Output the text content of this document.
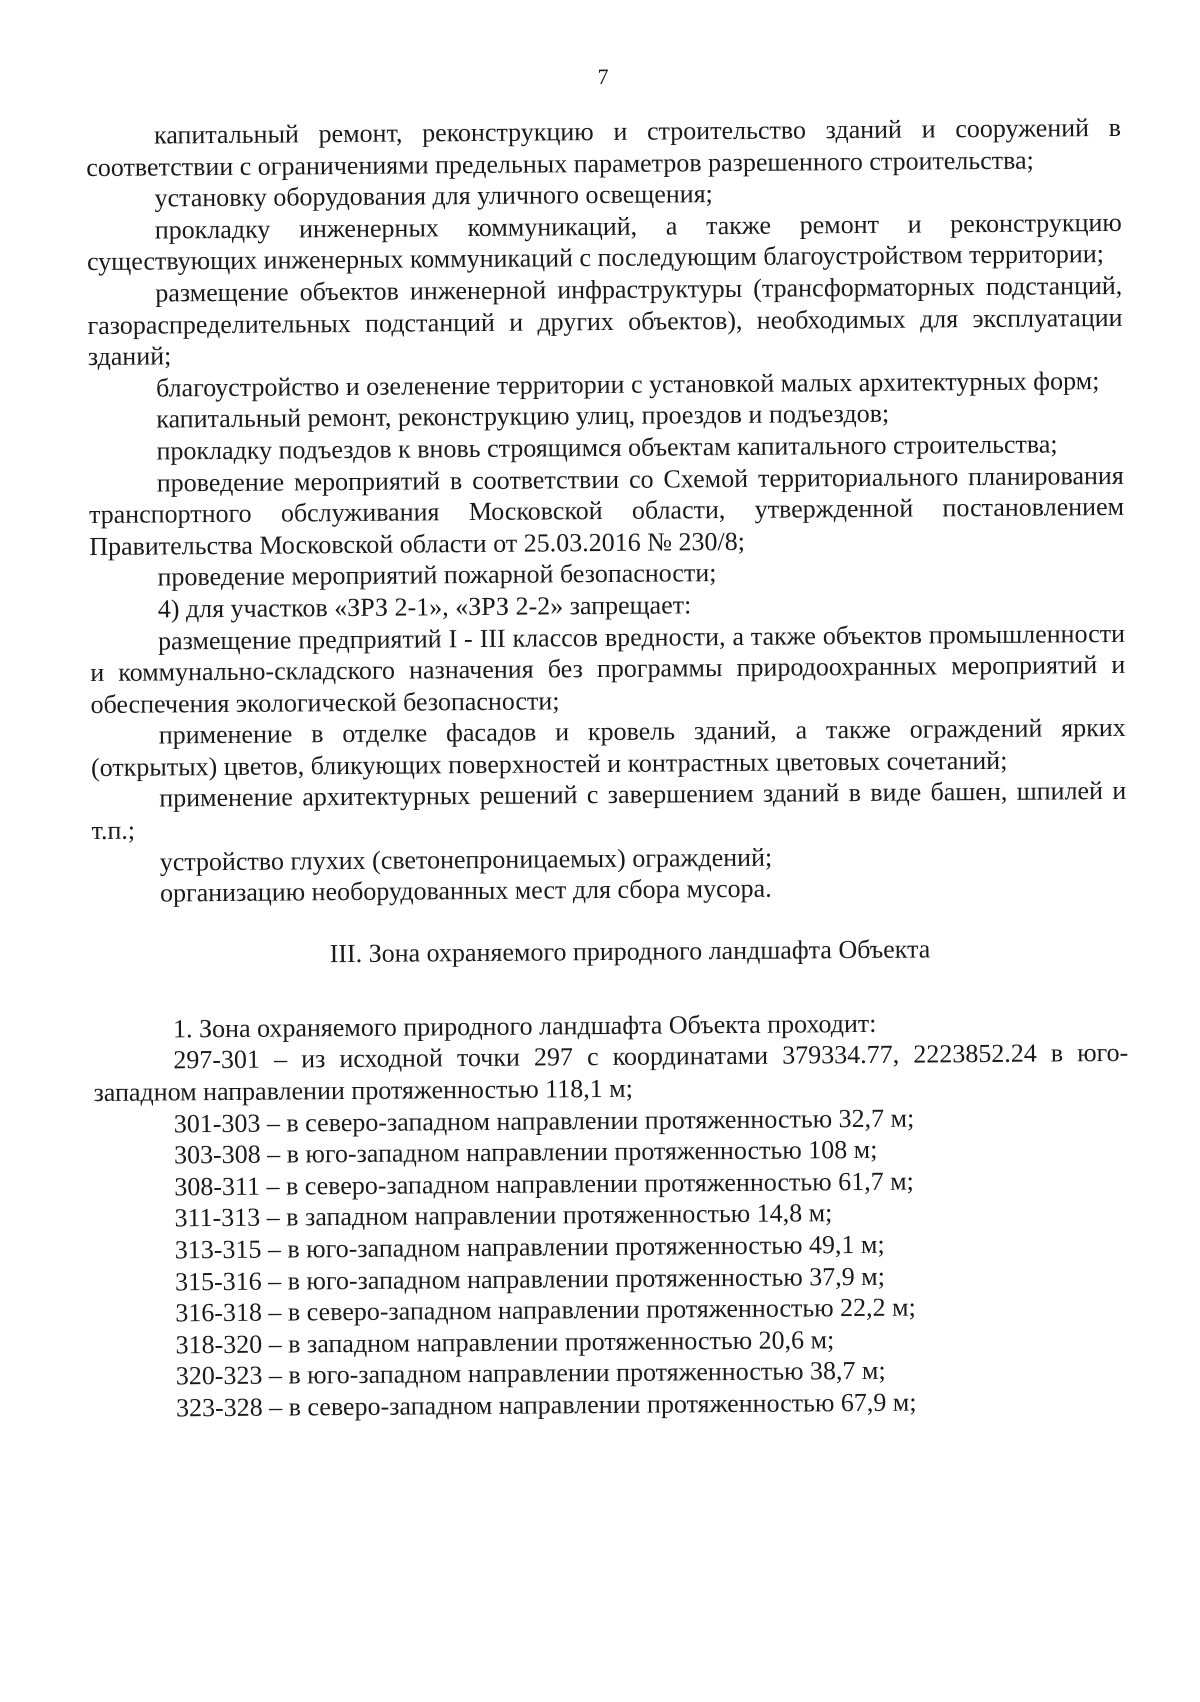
7

капитальный ремонт, реконструкцию и строительство зданий и сооружений в соответствии с ограничениями предельных параметров разрешенного строительства;

установку оборудования для уличного освещения;

прокладку инженерных коммуникаций, а также ремонт и реконструкцию существующих инженерных коммуникаций с последующим благоустройством территории;

размещение объектов инженерной инфраструктуры (трансформаторных подстанций, газораспределительных подстанций и других объектов), необходимых для эксплуатации зданий;

благоустройство и озеленение территории с установкой малых архитектурных форм;

капитальный ремонт, реконструкцию улиц, проездов и подъездов;

прокладку подъездов к вновь строящимся объектам капитального строительства;

проведение мероприятий в соответствии со Схемой территориального планирования транспортного обслуживания Московской области, утвержденной постановлением Правительства Московской области от 25.03.2016 № 230/8;

проведение мероприятий пожарной безопасности;

4) для участков «ЗРЗ 2-1», «ЗРЗ 2-2» запрещает:

размещение предприятий I - III классов вредности, а также объектов промышленности и коммунально-складского назначения без программы природоохранных мероприятий и обеспечения экологической безопасности;

применение в отделке фасадов и кровель зданий, а также ограждений ярких (открытых) цветов, бликующих поверхностей и контрастных цветовых сочетаний;

применение архитектурных решений с завершением зданий в виде башен, шпилей и т.п.;

устройство глухих (светонепроницаемых) ограждений;

организацию необорудованных мест для сбора мусора.

III. Зона охраняемого природного ландшафта Объекта

1. Зона охраняемого природного ландшафта Объекта проходит:

297-301 – из исходной точки 297 с координатами 379334.77, 2223852.24 в юго-западном направлении протяженностью 118,1 м;

301-303 – в северо-западном направлении протяженностью 32,7 м;

303-308 – в юго-западном направлении протяженностью 108 м;

308-311 – в северо-западном направлении протяженностью 61,7 м;

311-313 – в западном направлении протяженностью 14,8 м;

313-315 – в юго-западном направлении протяженностью 49,1 м;

315-316 – в юго-западном направлении протяженностью 37,9 м;

316-318 – в северо-западном направлении протяженностью 22,2 м;

318-320 – в западном направлении протяженностью 20,6 м;

320-323 – в юго-западном направлении протяженностью 38,7 м;

323-328 – в северо-западном направлении протяженностью 67,9 м;
